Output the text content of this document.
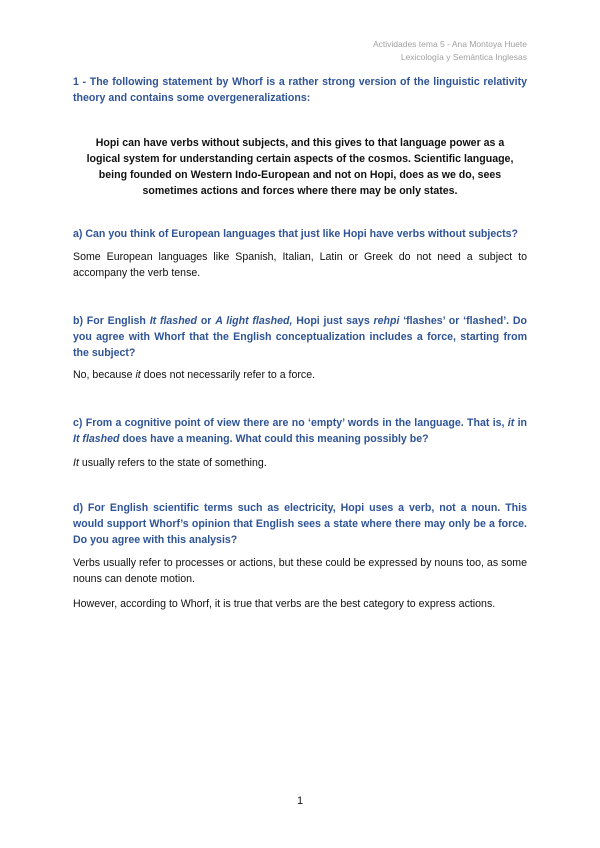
Actividades tema 5 - Ana Montoya Huete
Lexicología y Semántica Inglesas
1 - The following statement by Whorf is a rather strong version of the linguistic relativity theory and contains some overgeneralizations:
Hopi can have verbs without subjects, and this gives to that language power as a logical system for understanding certain aspects of the cosmos. Scientific language, being founded on Western Indo-European and not on Hopi, does as we do, sees sometimes actions and forces where there may be only states.
a) Can you think of European languages that just like Hopi have verbs without subjects?
Some European languages like Spanish, Italian, Latin or Greek do not need a subject to accompany the verb tense.
b) For English It flashed or A light flashed, Hopi just says rehpi ‘flashes’ or ‘flashed’. Do you agree with Whorf that the English conceptualization includes a force, starting from the subject?
No, because it does not necessarily refer to a force.
c) From a cognitive point of view there are no ‘empty’ words in the language. That is, it in It flashed does have a meaning. What could this meaning possibly be?
It usually refers to the state of something.
d) For English scientific terms such as electricity, Hopi uses a verb, not a noun. This would support Whorf’s opinion that English sees a state where there may only be a force. Do you agree with this analysis?
Verbs usually refer to processes or actions, but these could be expressed by nouns too, as some nouns can denote motion.
However, according to Whorf, it is true that verbs are the best category to express actions.
1
